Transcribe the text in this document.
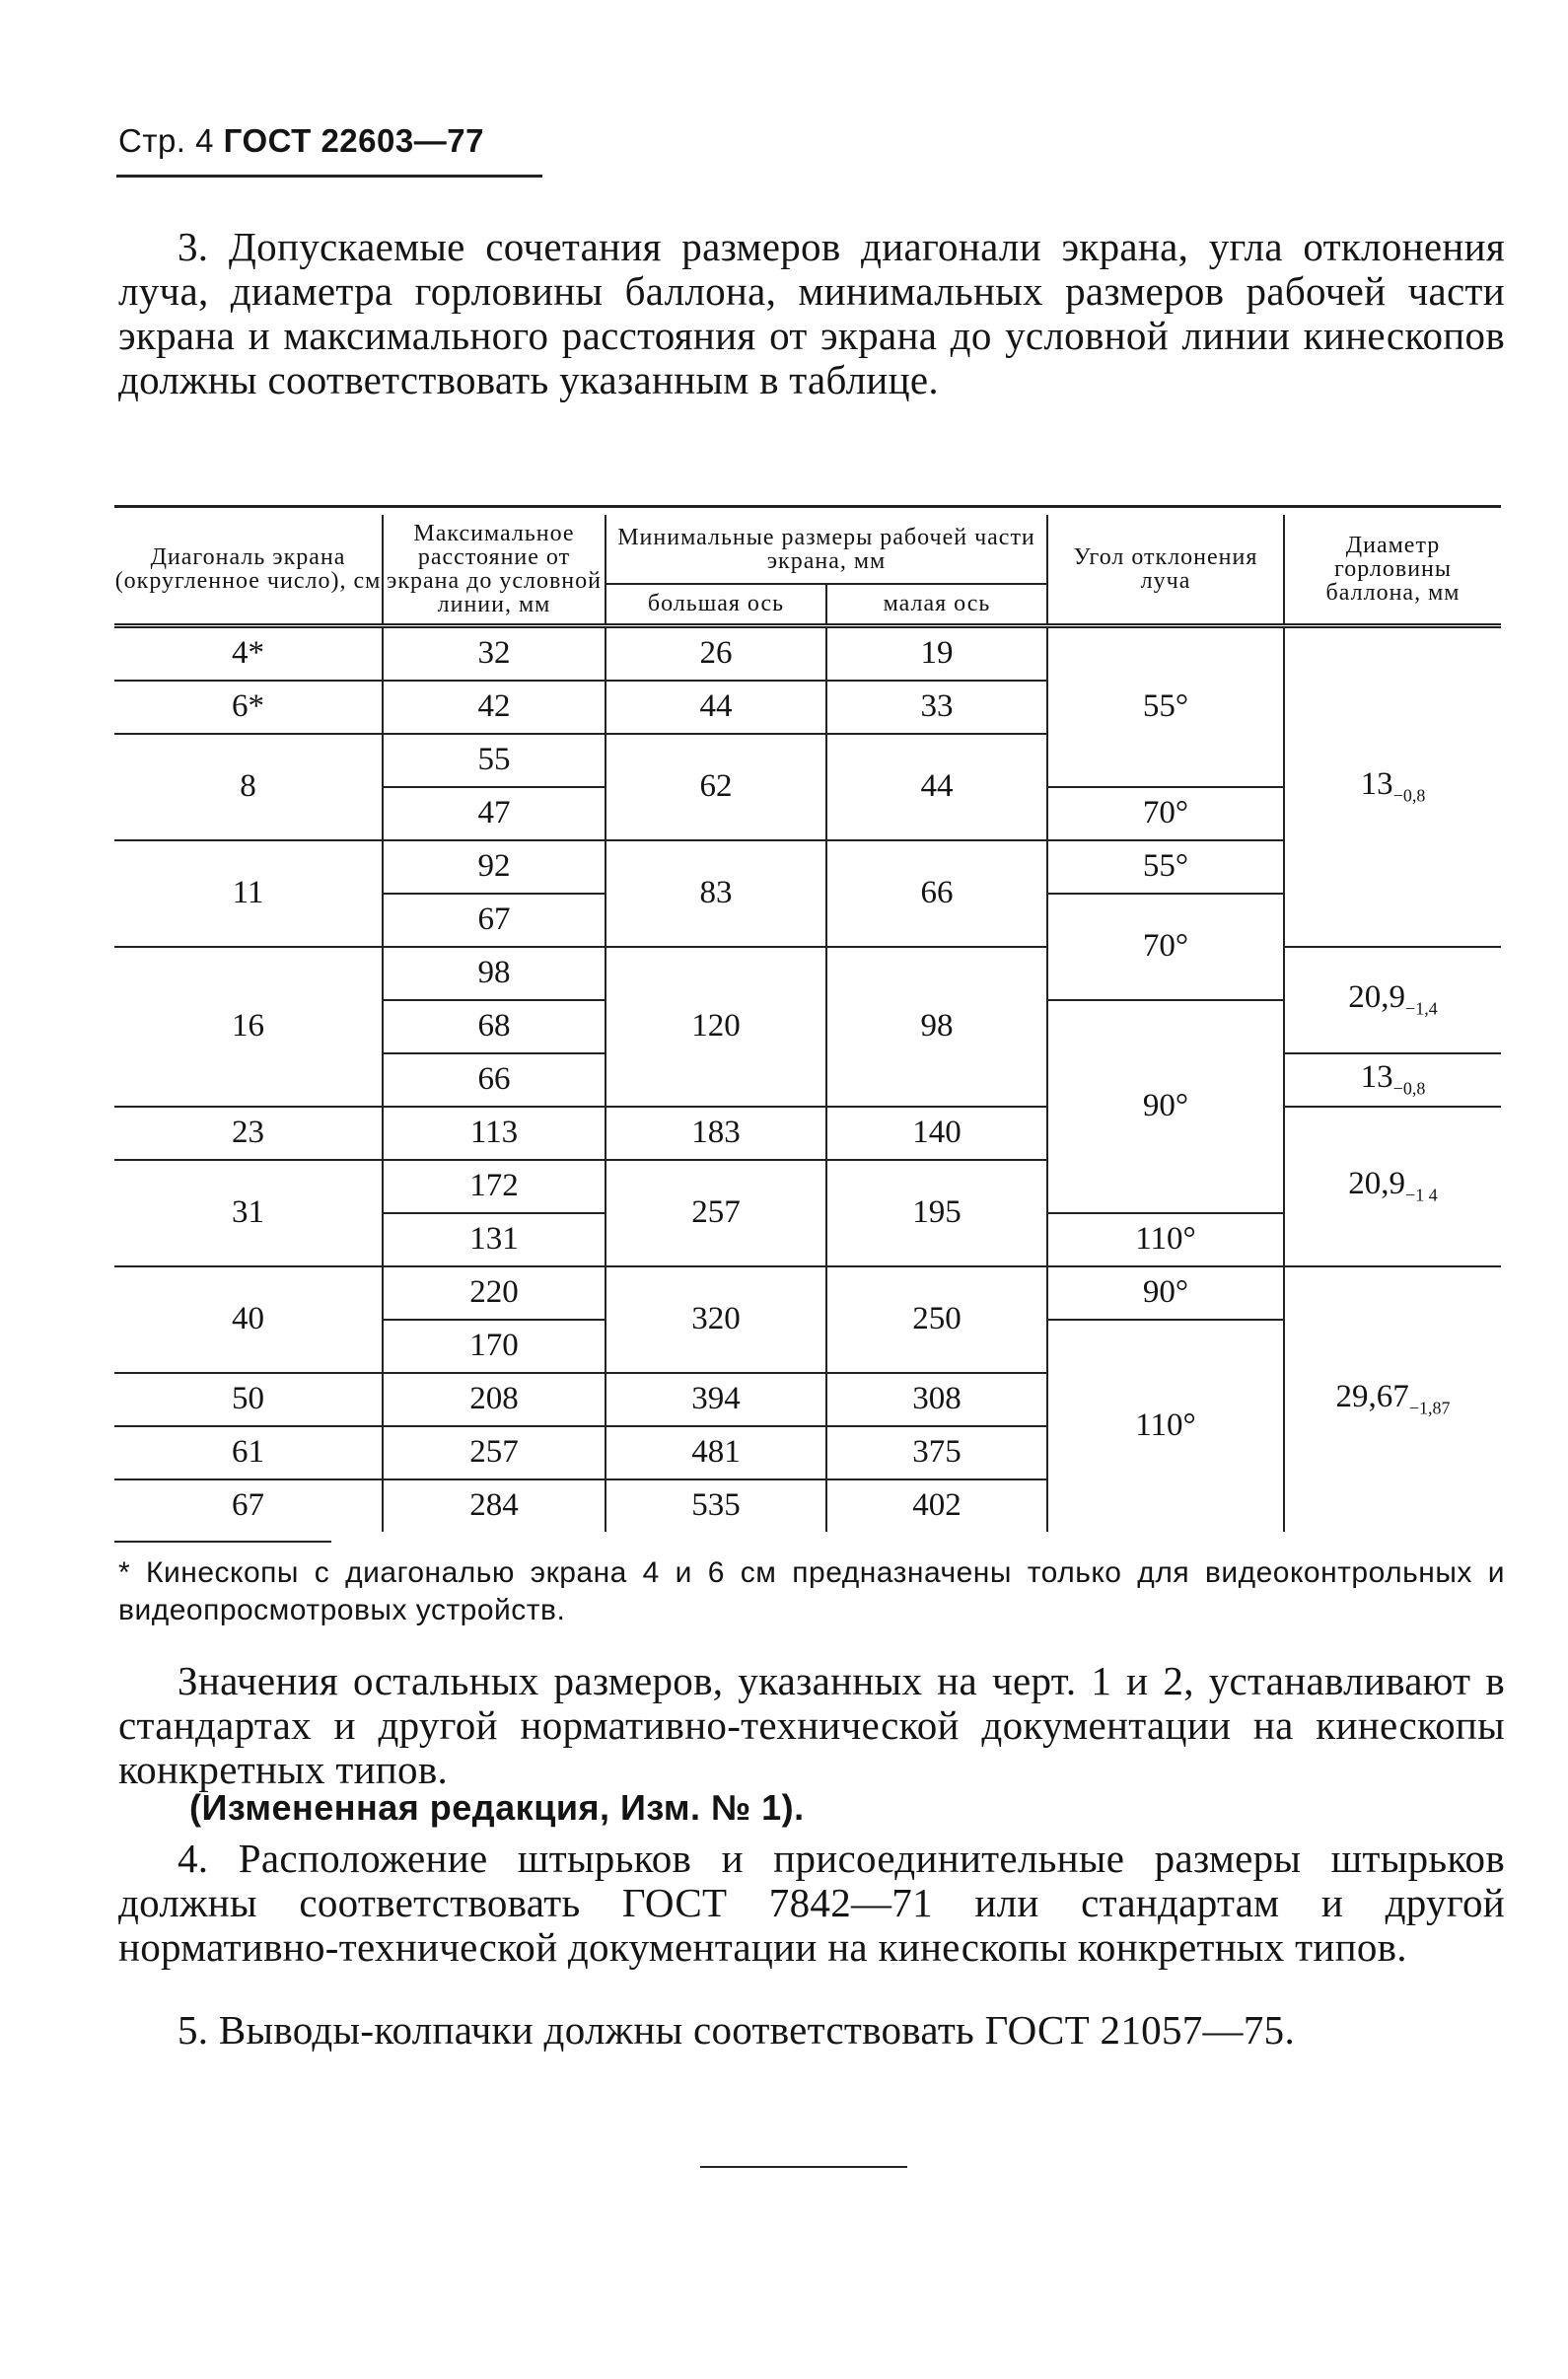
Стр. 4 ГОСТ 22603—77
3. Допускаемые сочетания размеров диагонали экрана, угла отклонения луча, диаметра горловины баллона, минимальных размеров рабочей части экрана и максимального расстояния от экрана до условной линии кинескопов должны соответствовать указанным в таблице.
Диагональ экрана (округленное число), см	Максимальное расстояние от экрана до условной линии, мм	Минимальные размеры рабочей части экрана, мм		Угол отклонения луча	Диаметр горловины баллона, мм
		большая ось	малая ось		
4*	32	26	19	55°	$13_{-0,8}$
6*	42	44	33		
8	55	62	44		
	47			70°	
11	92	83	66	55°	
	67			70°	
16	98	120	98		$20,9_{-1,4}$
	68			90°	
	66				$13_{-0,8}$
23	113	183	140		$20,9_{-1 4}$
31	172	257	195		
	131			110°	
40	220	320	250	90°	$29,67_{-1,87}$
	170			110°	
50	208	394	308		
61	257	481	375		
67	284	535	402		
* Кинескопы с диагональю экрана 4 и 6 см предназначены только для видеоконтрольных и видеопросмотровых устройств.
Значения остальных размеров, указанных на черт. 1 и 2, устанавливают в стандартах и другой нормативно-технической документации на кинескопы конкретных типов.
(Измененная редакция, Изм. № 1).
4. Расположение штырьков и присоединительные размеры штырьков должны соответствовать ГОСТ 7842—71 или стандартам и другой нормативно-технической документации на кинескопы конкретных типов.
5. Выводы-колпачки должны соответствовать ГОСТ 21057—75.
